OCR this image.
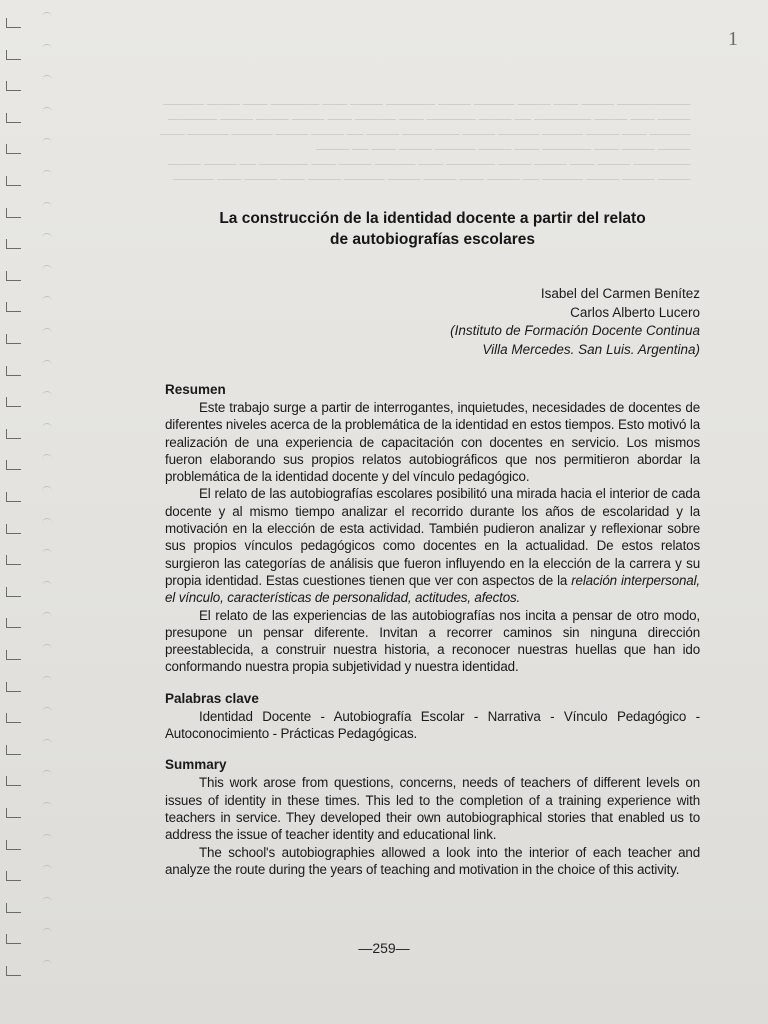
1
───────── ──── ─── ──── ───── ──── ────── ──── ─── ────── ─── ──── ─────
──── ─── ──── ─────── ── ──── ────── ─── ───── ─── ──── ──── ──── ──────
───── ─── ──── ───── ───── ──── ─────── ──── ── ──── ──── ───── ───── ───
──── ──── ─── ────── ─── ──── ───── ──── ─── ── ────
─────── ──── ─── ──── ──── ────── ─── ───── ──── ─── ────── ── ──── ────
──── ──── ──── ───── ── ──── ─── ──── ──── ───── ──── ─── ──── ─── ─────
La construcción de la identidad docente a partir del relato
de autobiografías escolares
Isabel del Carmen Benítez
Carlos Alberto Lucero
(Instituto de Formación Docente Continua
Villa Mercedes. San Luis. Argentina)
Resumen

Este trabajo surge a partir de interrogantes, inquietudes, necesidades de docentes de diferentes niveles acerca de la problemática de la identidad en estos tiempos. Esto motivó la realización de una experiencia de capacitación con docentes en servicio. Los mismos fueron elaborando sus propios relatos autobiográficos que nos permitieron abordar la problemática de la identidad docente y del vínculo pedagógico.

El relato de las autobiografías escolares posibilitó una mirada hacia el interior de cada docente y al mismo tiempo analizar el recorrido durante los años de escolaridad y la motivación en la elección de esta actividad. También pudieron analizar y reflexionar sobre sus propios vínculos pedagógicos como docentes en la actualidad. De estos relatos surgieron las categorías de análisis que fueron influyendo en la elección de la carrera y su propia identidad. Estas cuestiones tienen que ver con aspectos de la relación interpersonal, el vínculo, características de personalidad, actitudes, afectos.

El relato de las experiencias de las autobiografías nos incita a pensar de otro modo, presupone un pensar diferente. Invitan a recorrer caminos sin ninguna dirección preestablecida, a construir nuestra historia, a reconocer nuestras huellas que han ido conformando nuestra propia subjetividad y nuestra identidad.

Palabras clave

Identidad Docente - Autobiografía Escolar - Narrativa - Vínculo Pedagógico - Autoconocimiento - Prácticas Pedagógicas.

Summary

This work arose from questions, concerns, needs of teachers of different levels on issues of identity in these times. This led to the completion of a training experience with teachers in service. They developed their own autobiographical stories that enabled us to address the issue of teacher identity and educational link.

The school's autobiographies allowed a look into the interior of each teacher and analyze the route during the years of teaching and motivation in the choice of this activity.

—259—
